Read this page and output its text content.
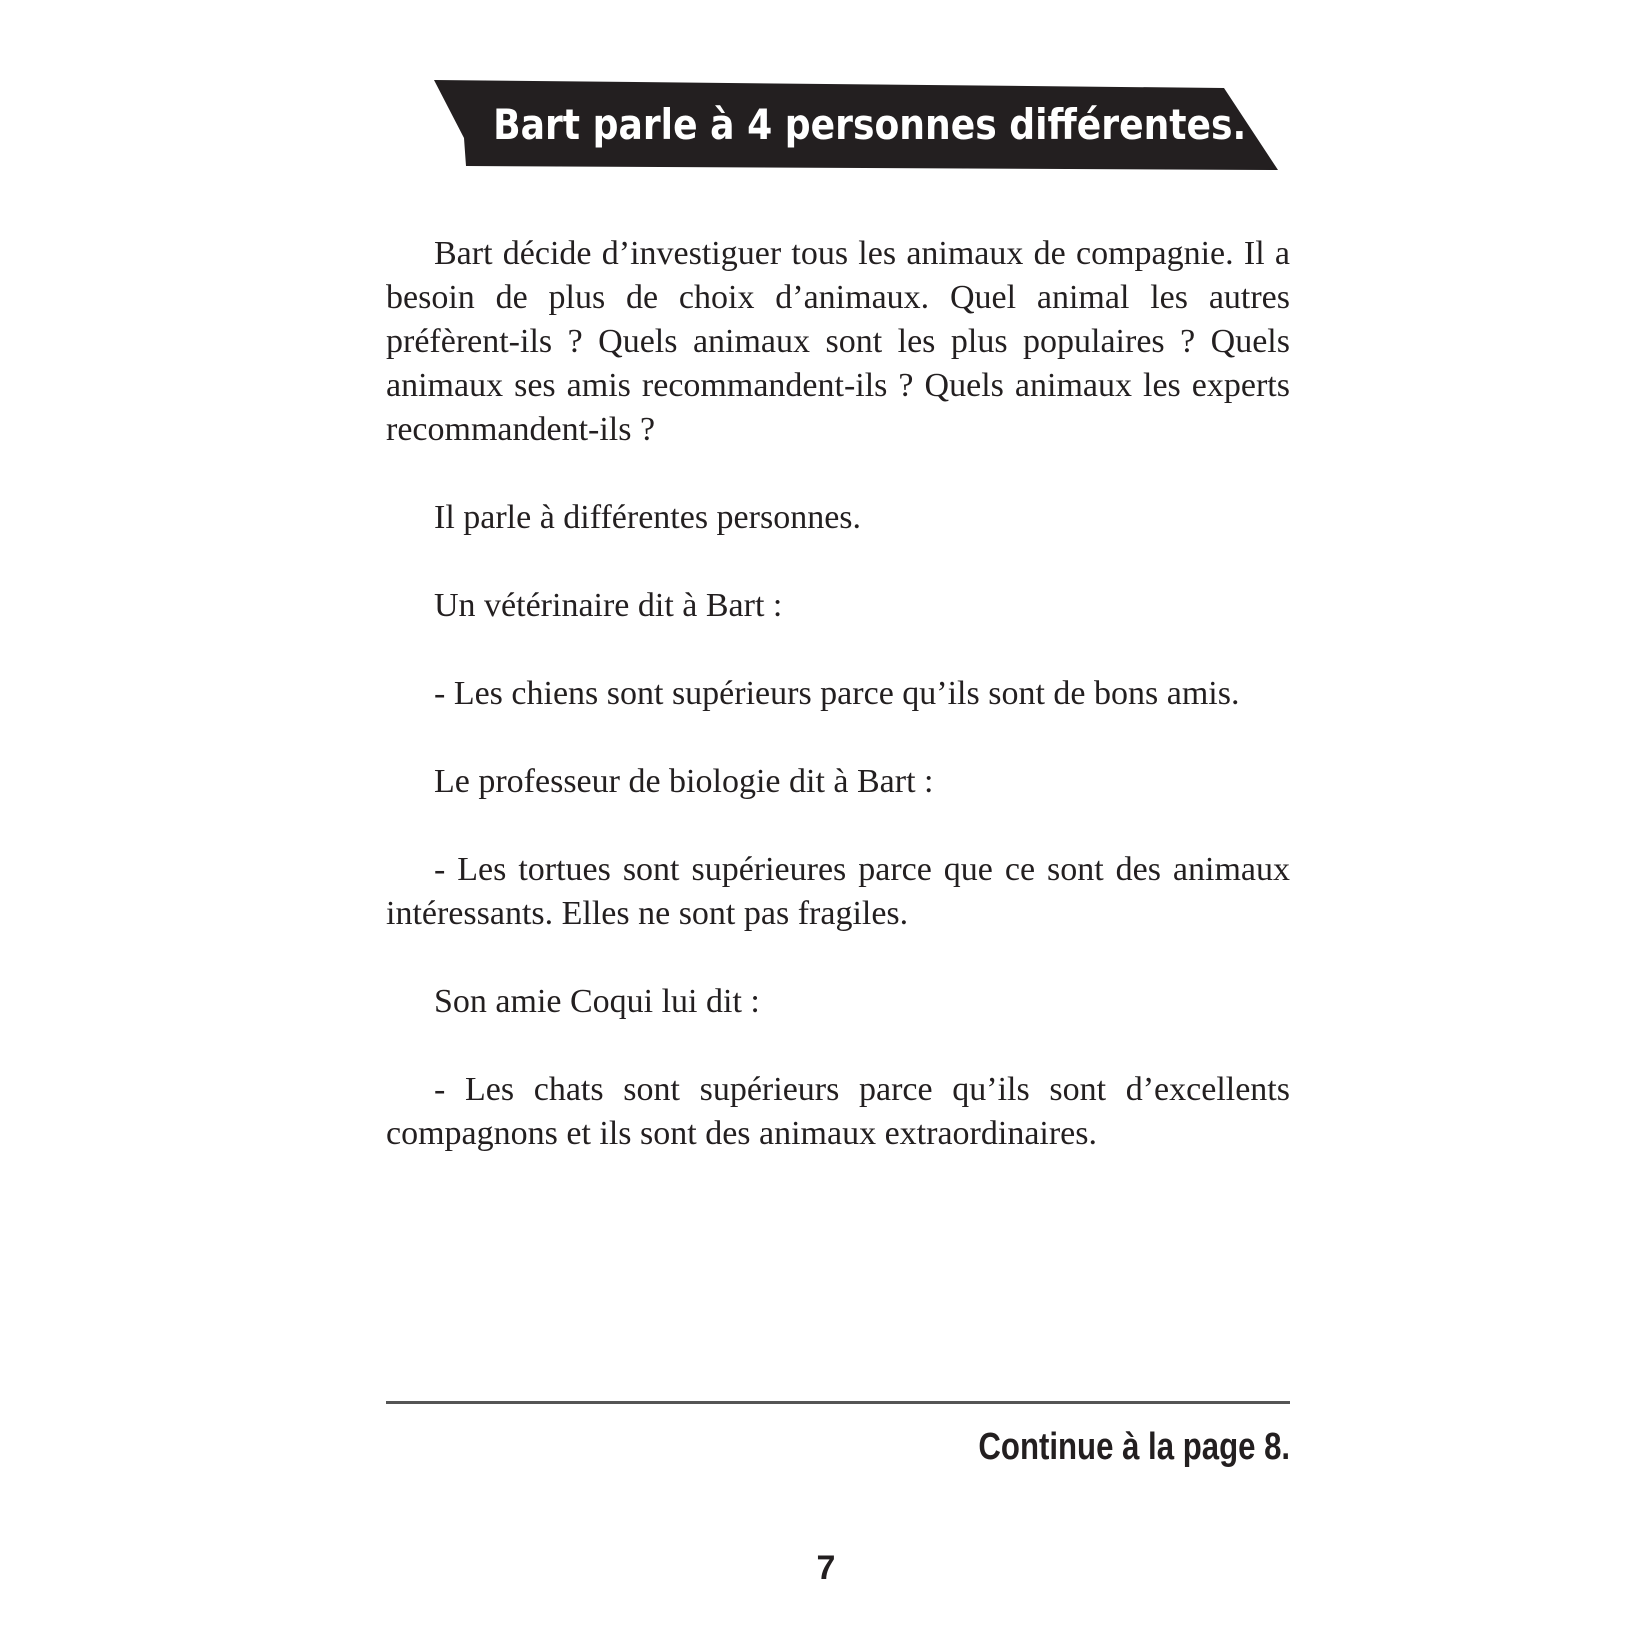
Bart parle à 4 personnes différentes.

Bart décide d’investiguer tous les animaux de compagnie. Il a besoin de plus de choix d’animaux. Quel animal les autres préfèrent-ils ? Quels animaux sont les plus populaires ? Quels animaux ses amis recommandent-ils ? Quels animaux les experts recommandent-ils ?

Il parle à différentes personnes.

Un vétérinaire dit à Bart :

- Les chiens sont supérieurs parce qu’ils sont de bons amis.

Le professeur de biologie dit à Bart :

- Les tortues sont supérieures parce que ce sont des animaux intéressants. Elles ne sont pas fragiles.

Son amie Coqui lui dit :

- Les chats sont supérieurs parce qu’ils sont d’excellents compagnons et ils sont des animaux extraordinaires.

Continue à la page 8.
7
